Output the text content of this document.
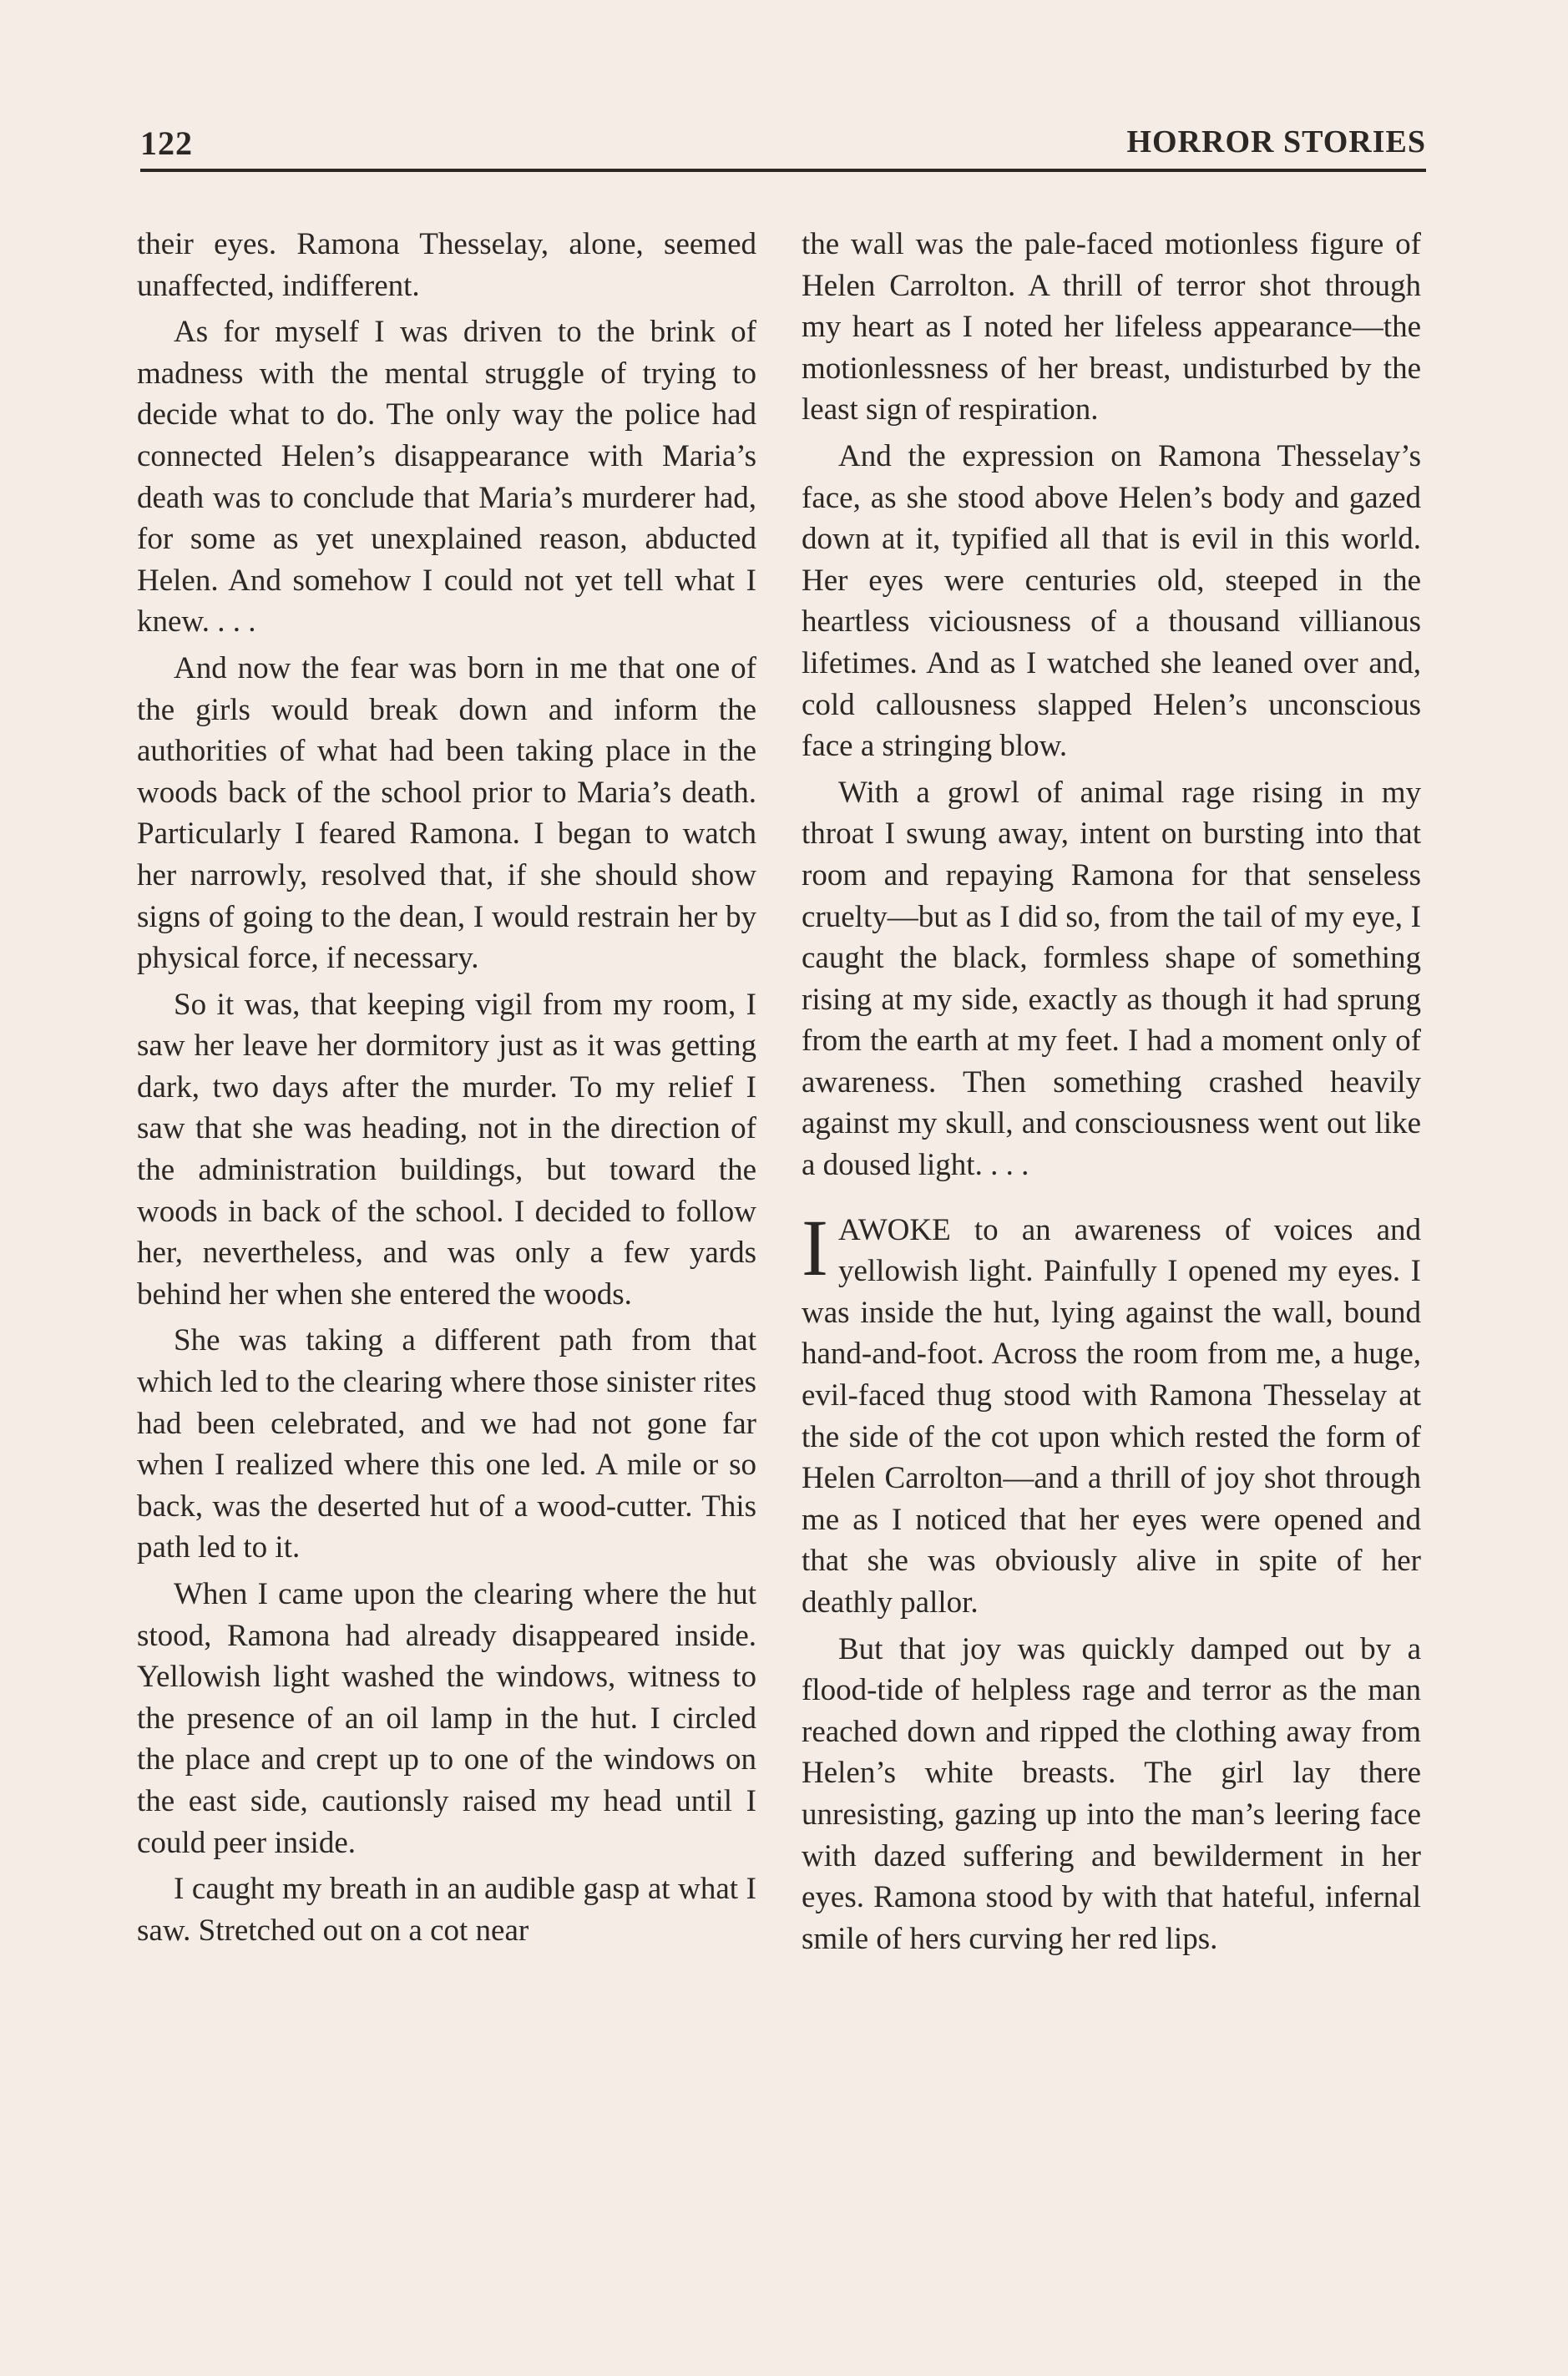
122	HORROR STORIES

their eyes. Ramona Thesselay, alone, seemed unaffected, indifferent.

As for myself I was driven to the brink of madness with the mental struggle of trying to decide what to do. The only way the police had connected Helen’s disappearance with Maria’s death was to conclude that Maria’s murderer had, for some as yet unexplained reason, abducted Helen. And somehow I could not yet tell what I knew. . . .

And now the fear was born in me that one of the girls would break down and inform the authorities of what had been taking place in the woods back of the school prior to Maria’s death. Particularly I feared Ramona. I began to watch her narrowly, resolved that, if she should show signs of going to the dean, I would restrain her by physical force, if necessary.

So it was, that keeping vigil from my room, I saw her leave her dormitory just as it was getting dark, two days after the murder. To my relief I saw that she was heading, not in the direction of the administration buildings, but toward the woods in back of the school. I decided to follow her, nevertheless, and was only a few yards behind her when she entered the woods.

She was taking a different path from that which led to the clearing where those sinister rites had been celebrated, and we had not gone far when I realized where this one led. A mile or so back, was the deserted hut of a wood-cutter. This path led to it.

When I came upon the clearing where the hut stood, Ramona had already disappeared inside. Yellowish light washed the windows, witness to the presence of an oil lamp in the hut. I circled the place and crept up to one of the windows on the east side, cautionsly raised my head until I could peer inside.

I caught my breath in an audible gasp at what I saw. Stretched out on a cot near

the wall was the pale-faced motionless figure of Helen Carrolton. A thrill of terror shot through my heart as I noted her lifeless appearance—the motionlessness of her breast, undisturbed by the least sign of respiration.

And the expression on Ramona Thesselay’s face, as she stood above Helen’s body and gazed down at it, typified all that is evil in this world. Her eyes were centuries old, steeped in the heartless viciousness of a thousand villianous lifetimes. And as I watched she leaned over and, cold callousness slapped Helen’s unconscious face a stringing blow.

With a growl of animal rage rising in my throat I swung away, intent on bursting into that room and repaying Ramona for that senseless cruelty—but as I did so, from the tail of my eye, I caught the black, formless shape of something rising at my side, exactly as though it had sprung from the earth at my feet. I had a moment only of awareness. Then something crashed heavily against my skull, and consciousness went out like a doused light. . . .

I AWOKE to an awareness of voices and yellowish light. Painfully I opened my eyes. I was inside the hut, lying against the wall, bound hand-and-foot. Across the room from me, a huge, evil-faced thug stood with Ramona Thesselay at the side of the cot upon which rested the form of Helen Carrolton—and a thrill of joy shot through me as I noticed that her eyes were opened and that she was obviously alive in spite of her deathly pallor.

But that joy was quickly damped out by a flood-tide of helpless rage and terror as the man reached down and ripped the clothing away from Helen’s white breasts. The girl lay there unresisting, gazing up into the man’s leering face with dazed suffering and bewilderment in her eyes. Ramona stood by with that hateful, infernal smile of hers curving her red lips.
